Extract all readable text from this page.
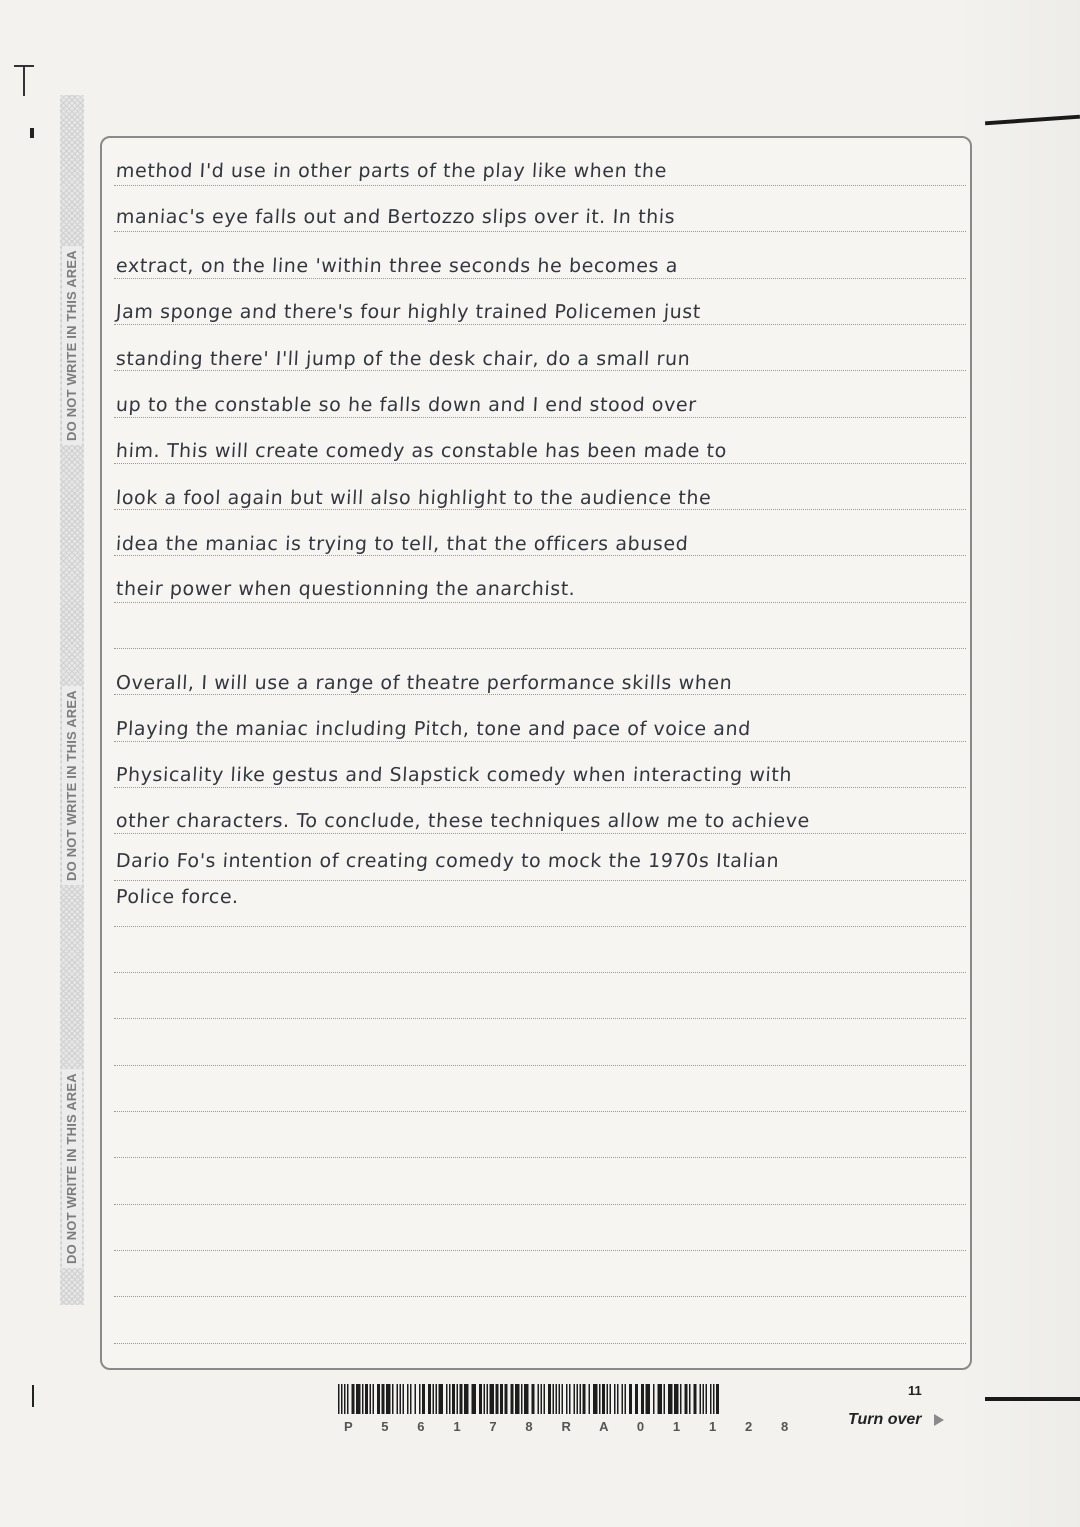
DO NOT WRITE IN THIS AREA
DO NOT WRITE IN THIS AREA
DO NOT WRITE IN THIS AREA
method I'd use in other parts of the play like when the
maniac's eye falls out and Bertozzo slips over it. In this
extract, on the line 'within three seconds he becomes a
Jam sponge and there's four highly trained Policemen just
standing there' I'll jump of the desk chair, do a small run
up to the constable so he falls down and I end stood over
him. This will create comedy as constable has been made to
look a fool again but will also highlight to the audience the
idea the maniac is trying to tell, that the officers abused
their power when questionning the anarchist.
Overall, I will use a range of theatre performance skills when
Playing the maniac including Pitch, tone and pace of voice and
Physicality like gestus and Slapstick comedy when interacting with
other characters. To conclude, these techniques allow me to achieve
Dario Fo's intention of creating comedy to mock the 1970s Italian
Police force.
P 5 6 1 7 8 R A 0 1 1 2 8
11
Turn over
